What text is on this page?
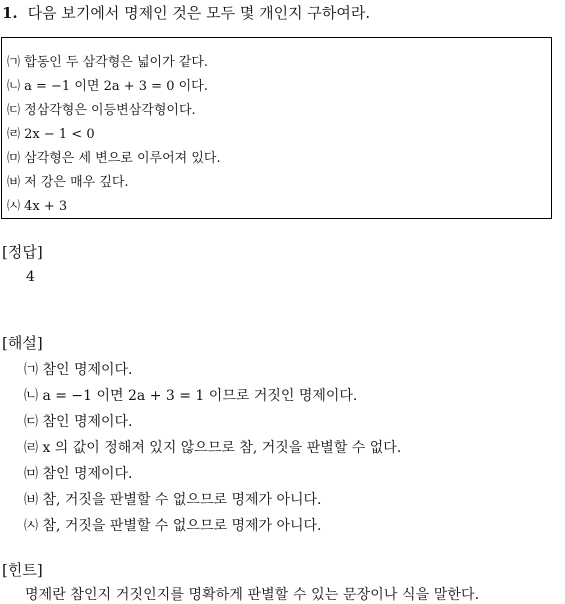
1. 다음 보기에서 명제인 것은 모두 몇 개인지 구하여라.
㈀ 합동인 두 삼각형은 넓이가 같다.
㈁ a = −1 이면 2a + 3 = 0 이다.
㈂ 정삼각형은 이등변삼각형이다.
㈃ 2x − 1 < 0
㈄ 삼각형은 세 변으로 이루어져 있다.
㈅ 저 강은 매우 깊다.
㈆ 4x + 3
[정답]
4
[해설]
㈀ 참인 명제이다.
㈁ a = −1 이면 2a + 3 = 1 이므로 거짓인 명제이다.
㈂ 참인 명제이다.
㈃ x 의 값이 정해져 있지 않으므로 참, 거짓을 판별할 수 없다.
㈄ 참인 명제이다.
㈅ 참, 거짓을 판별할 수 없으므로 명제가 아니다.
㈆ 참, 거짓을 판별할 수 없으므로 명제가 아니다.
[힌트]
명제란 참인지 거짓인지를 명확하게 판별할 수 있는 문장이나 식을 말한다.
